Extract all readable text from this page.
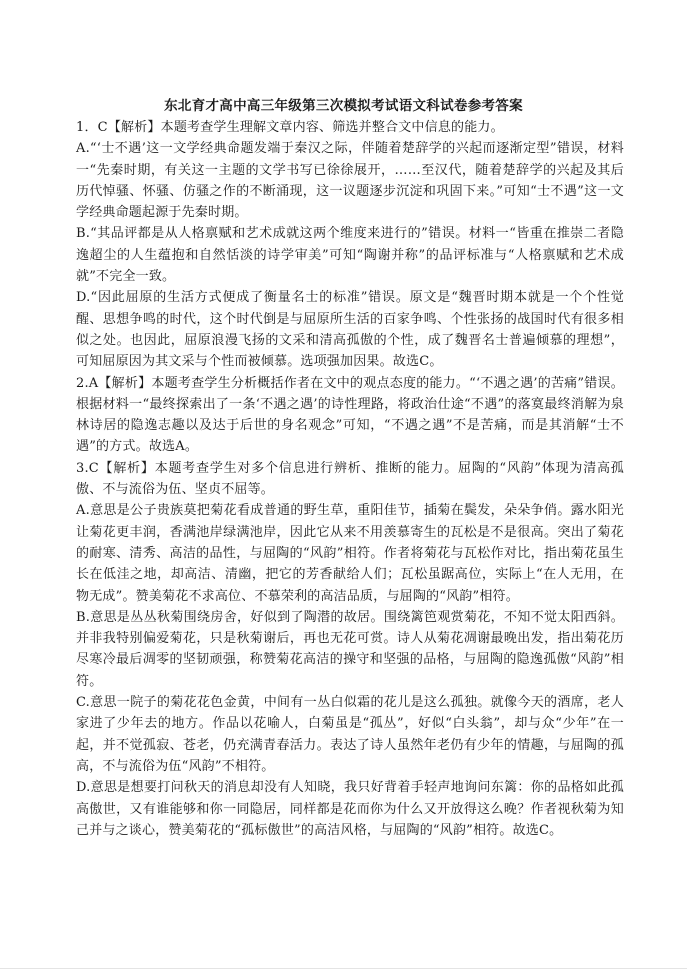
东北育才高中高三年级第三次模拟考试语文科试卷参考答案

1．C【解析】本题考查学生理解文章内容、筛选并整合文中信息的能力。

A.“‘士不遇’这一文学经典命题发端于秦汉之际，伴随着楚辞学的兴起而逐渐定型”错误，材料一“先秦时期，有关这一主题的文学书写已徐徐展开，……至汉代，随着楚辞学的兴起及其后历代悼骚、怀骚、仿骚之作的不断涌现，这一议题逐步沉淀和巩固下来。”可知“士不遇”这一文学经典命题起源于先秦时期。

B.“其品评都是从人格禀赋和艺术成就这两个维度来进行的”错误。材料一“皆重在推崇二者隐逸超尘的人生蕴抱和自然恬淡的诗学审美”可知“陶谢并称”的品评标准与“人格禀赋和艺术成就”不完全一致。

D.“因此屈原的生活方式便成了衡量名士的标准”错误。原文是“魏晋时期本就是一个个性觉醒、思想争鸣的时代，这个时代倒是与屈原所生活的百家争鸣、个性张扬的战国时代有很多相似之处。也因此，屈原浪漫飞扬的文采和清高孤傲的个性，成了魏晋名士普遍倾慕的理想”，可知屈原因为其文采与个性而被倾慕。选项强加因果。故选C。

2.A【解析】本题考查学生分析概括作者在文中的观点态度的能力。“‘不遇之遇’的苦痛”错误。根据材料一“最终探索出了一条‘不遇之遇’的诗性理路，将政治仕途“不遇”的落寞最终消解为泉林诗居的隐逸志趣以及达于后世的身名观念”可知，“不遇之遇”不是苦痛，而是其消解“士不遇”的方式。故选A。

3.C【解析】本题考查学生对多个信息进行辨析、推断的能力。屈陶的“风韵”体现为清高孤傲、不与流俗为伍、坚贞不屈等。

A.意思是公子贵族莫把菊花看成普通的野生草，重阳佳节，插菊在鬓发，朵朵争俏。露水阳光让菊花更丰润，香满池岸绿满池岸，因此它从来不用羡慕寄生的瓦松是不是很高。突出了菊花的耐寒、清秀、高洁的品性，与屈陶的“风韵”相符。作者将菊花与瓦松作对比，指出菊花虽生长在低洼之地，却高洁、清幽，把它的芳香献给人们；瓦松虽踞高位，实际上“在人无用，在物无成”。赞美菊花不求高位、不慕荣利的高洁品质，与屈陶的“风韵”相符。

B.意思是丛丛秋菊围绕房舍，好似到了陶潜的故居。围绕篱笆观赏菊花，不知不觉太阳西斜。并非我特别偏爱菊花，只是秋菊谢后，再也无花可赏。诗人从菊花凋谢最晚出发，指出菊花历尽寒冷最后凋零的坚韧顽强，称赞菊花高洁的操守和坚强的品格，与屈陶的隐逸孤傲“风韵”相符。

C.意思一院子的菊花花色金黄，中间有一丛白似霜的花儿是这么孤独。就像今天的酒席，老人家进了少年去的地方。作品以花喻人，白菊虽是“孤丛”，好似“白头翁”，却与众“少年”在一起，并不觉孤寂、苍老，仍充满青春活力。表达了诗人虽然年老仍有少年的情趣，与屈陶的孤高，不与流俗为伍“风韵”不相符。

D.意思是想要打问秋天的消息却没有人知晓，我只好背着手轻声地询问东篱：你的品格如此孤高傲世，又有谁能够和你一同隐居，同样都是花而你为什么又开放得这么晚？作者视秋菊为知己并与之谈心，赞美菊花的“孤标傲世”的高洁风格，与屈陶的“风韵”相符。故选C。
